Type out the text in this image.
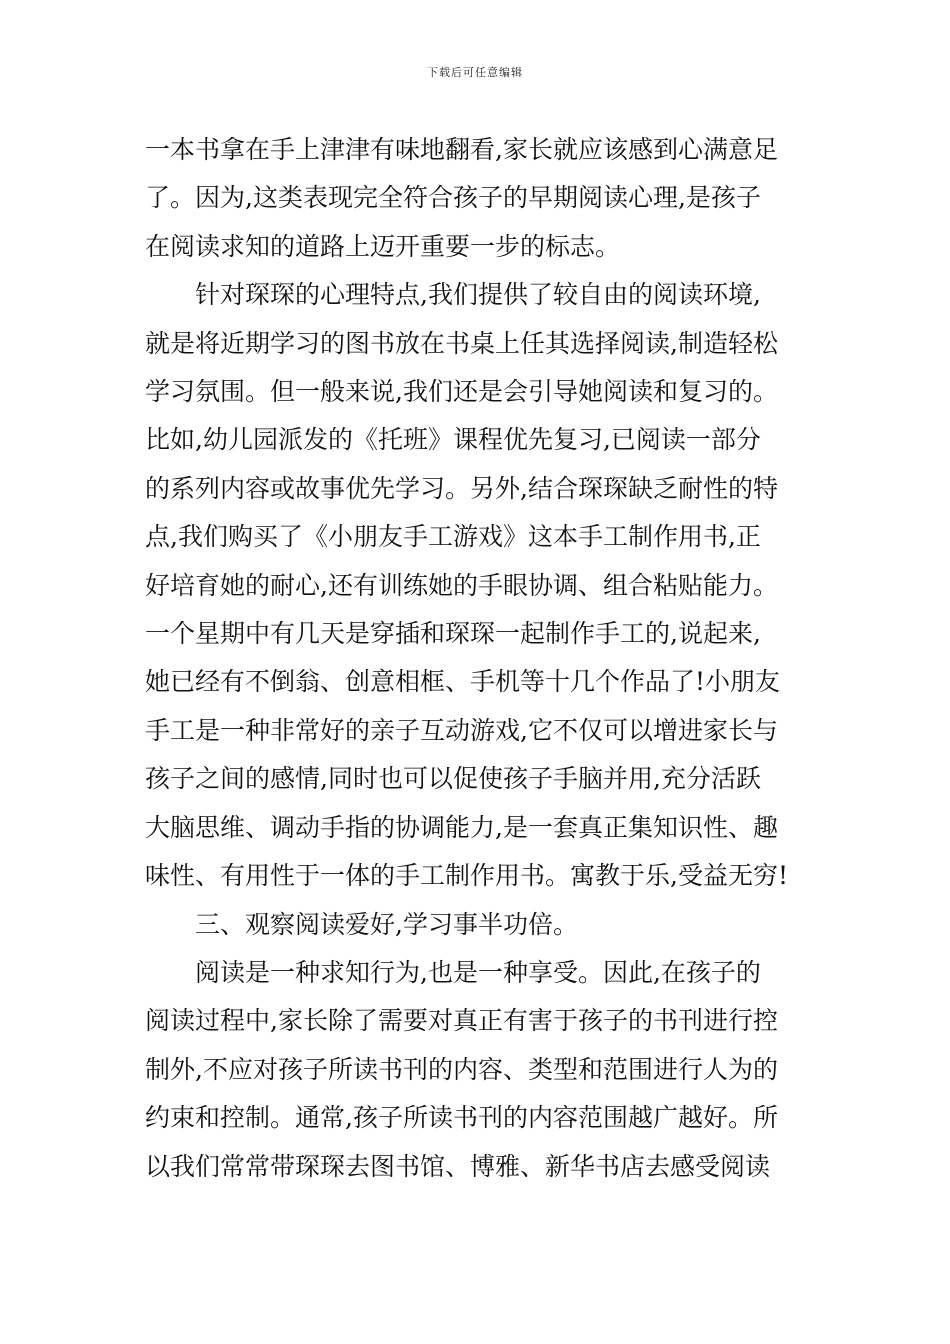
下载后可任意编辑
一本书拿在手上津津有味地翻看,家长就应该感到心满意足
了。因为,这类表现完全符合孩子的早期阅读心理,是孩子
在阅读求知的道路上迈开重要一步的标志。
针对琛琛的心理特点,我们提供了较自由的阅读环境,
就是将近期学习的图书放在书桌上任其选择阅读,制造轻松
学习氛围。但一般来说,我们还是会引导她阅读和复习的。
比如,幼儿园派发的《托班》课程优先复习,已阅读一部分
的系列内容或故事优先学习。另外,结合琛琛缺乏耐性的特
点,我们购买了《小朋友手工游戏》这本手工制作用书,正
好培育她的耐心,还有训练她的手眼协调、组合粘贴能力。
一个星期中有几天是穿插和琛琛一起制作手工的,说起来,
她已经有不倒翁、创意相框、手机等十几个作品了!小朋友
手工是一种非常好的亲子互动游戏,它不仅可以增进家长与
孩子之间的感情,同时也可以促使孩子手脑并用,充分活跃
大脑思维、调动手指的协调能力,是一套真正集知识性、趣
味性、有用性于一体的手工制作用书。寓教于乐,受益无穷!
三、观察阅读爱好,学习事半功倍。
阅读是一种求知行为,也是一种享受。因此,在孩子的
阅读过程中,家长除了需要对真正有害于孩子的书刊进行控
制外,不应对孩子所读书刊的内容、类型和范围进行人为的
约束和控制。通常,孩子所读书刊的内容范围越广越好。所
以我们常常带琛琛去图书馆、博雅、新华书店去感受阅读
